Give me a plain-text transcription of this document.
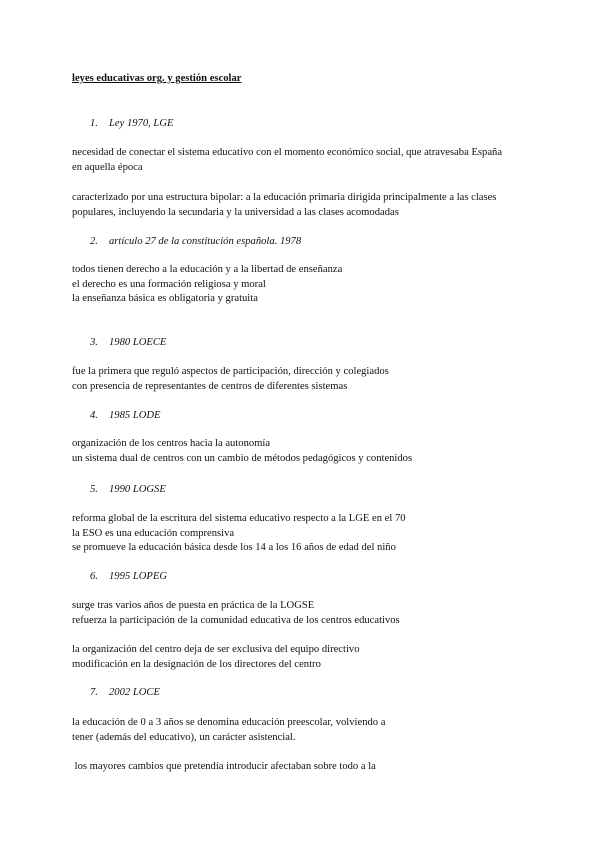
leyes educativas org. y gestión escolar
1. Ley 1970, LGE
necesidad de conectar el sistema educativo con el momento económico social, que atravesaba España
en aquella época
caracterizado por una estructura bipolar: a la educación primaria dirigida principalmente a las clases
populares, incluyendo la secundaria y la universidad a las clases acomodadas
2. artículo 27 de la constitución española. 1978
todos tienen derecho a la educación y a la libertad de enseñanza
el derecho es una formación religiosa y moral
la enseñanza básica es obligatoria y gratuita
3. 1980 LOECE
fue la primera que reguló aspectos de participación, dirección y colegiados
con presencia de representantes de centros de diferentes sistemas
4. 1985 LODE
organización de los centros hacia la autonomía
un sistema dual de centros con un cambio de métodos pedagógicos y contenidos
5. 1990 LOGSE
reforma global de la escritura del sistema educativo respecto a la LGE en el 70
la ESO es una educación comprensiva
se promueve la educación básica desde los 14 a los 16 años de edad del niño
6. 1995 LOPEG
surge tras varios años de puesta en práctica de la LOGSE
refuerza la participación de la comunidad educativa de los centros educativos
la organización del centro deja de ser exclusiva del equipo directivo
modificación en la designación de los directores del centro
7. 2002 LOCE
la educación de 0 a 3 años se denomina educación preescolar, volviendo a
tener (además del educativo), un carácter asistencial.
los mayores cambios que pretendía introducir afectaban sobre todo a la
